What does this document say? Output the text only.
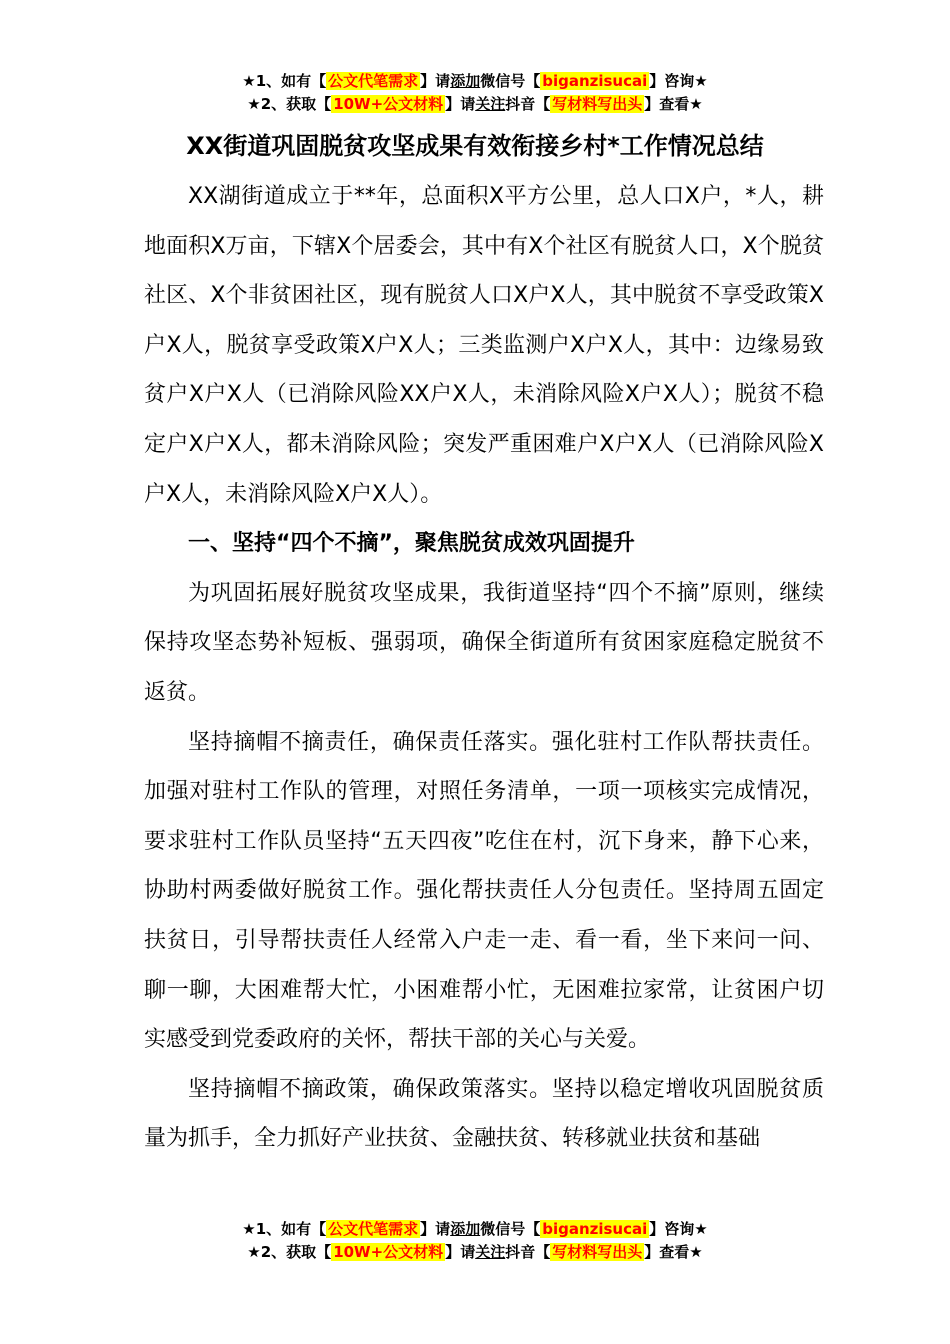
★1、如有【 公文代笔需求 】请添加微信号【 biganzisucai 】咨询★
★2、获取【 10W+公文材料 】请关注抖音【 写材料写出头 】查看★
XX街道巩固脱贫攻坚成果有效衔接乡村*工作情况总结

XX湖街道成立于**年，总面积X平方公里，总人口X户，*人，耕地面积X万亩，下辖X个居委会，其中有X个社区有脱贫人口，X个脱贫社区、X个非贫困社区，现有脱贫人口X户X人，其中脱贫不享受政策X户X人，脱贫享受政策X户X人；三类监测户X户X人，其中：边缘易致贫户X户X人（已消除风险XX户X人，未消除风险X户X人）；脱贫不稳定户X户X人，都未消除风险；突发严重困难户X户X人（已消除风险X户X人，未消除风险X户X人）。

一、坚持“四个不摘”，聚焦脱贫成效巩固提升

为巩固拓展好脱贫攻坚成果，我街道坚持“四个不摘”原则，继续保持攻坚态势补短板、强弱项，确保全街道所有贫困家庭稳定脱贫不返贫。

坚持摘帽不摘责任，确保责任落实。强化驻村工作队帮扶责任。加强对驻村工作队的管理，对照任务清单，一项一项核实完成情况，要求驻村工作队员坚持“五天四夜”吃住在村，沉下身来，静下心来，协助村两委做好脱贫工作。强化帮扶责任人分包责任。坚持周五固定扶贫日，引导帮扶责任人经常入户走一走、看一看，坐下来问一问、聊一聊，大困难帮大忙，小困难帮小忙，无困难拉家常，让贫困户切实感受到党委政府的关怀，帮扶干部的关心与关爱。

坚持摘帽不摘政策，确保政策落实。坚持以稳定增收巩固脱贫质量为抓手，全力抓好产业扶贫、金融扶贫、转移就业扶贫和基础

★1、如有【 公文代笔需求 】请添加微信号【 biganzisucai 】咨询★
★2、获取【 10W+公文材料 】请关注抖音【 写材料写出头 】查看★
